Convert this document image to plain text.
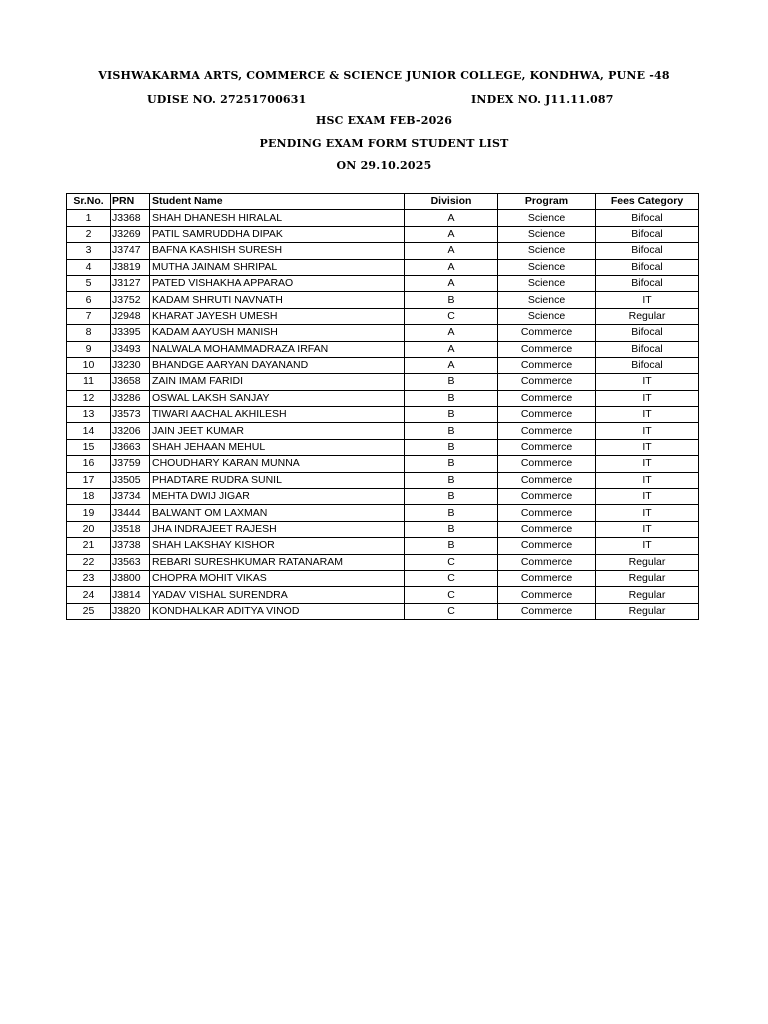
VISHWAKARMA ARTS, COMMERCE & SCIENCE JUNIOR COLLEGE, KONDHWA, PUNE -48
UDISE NO. 27251700631	INDEX NO. J11.11.087
HSC EXAM FEB-2026
PENDING EXAM FORM STUDENT LIST
ON 29.10.2025
Sr.No.	PRN	Student Name	Division	Program	Fees Category
1	J3368	SHAH DHANESH HIRALAL	A	Science	Bifocal
2	J3269	PATIL SAMRUDDHA DIPAK	A	Science	Bifocal
3	J3747	BAFNA KASHISH SURESH	A	Science	Bifocal
4	J3819	MUTHA JAINAM SHRIPAL	A	Science	Bifocal
5	J3127	PATED VISHAKHA APPARAO	A	Science	Bifocal
6	J3752	KADAM SHRUTI NAVNATH	B	Science	IT
7	J2948	KHARAT JAYESH UMESH	C	Science	Regular
8	J3395	KADAM AAYUSH MANISH	A	Commerce	Bifocal
9	J3493	NALWALA MOHAMMADRAZA IRFAN	A	Commerce	Bifocal
10	J3230	BHANDGE AARYAN DAYANAND	A	Commerce	Bifocal
11	J3658	ZAIN IMAM FARIDI	B	Commerce	IT
12	J3286	OSWAL LAKSH SANJAY	B	Commerce	IT
13	J3573	TIWARI AACHAL AKHILESH	B	Commerce	IT
14	J3206	JAIN JEET KUMAR	B	Commerce	IT
15	J3663	SHAH JEHAAN MEHUL	B	Commerce	IT
16	J3759	CHOUDHARY KARAN MUNNA	B	Commerce	IT
17	J3505	PHADTARE RUDRA SUNIL	B	Commerce	IT
18	J3734	MEHTA DWIJ JIGAR	B	Commerce	IT
19	J3444	BALWANT OM LAXMAN	B	Commerce	IT
20	J3518	JHA INDRAJEET RAJESH	B	Commerce	IT
21	J3738	SHAH LAKSHAY KISHOR	B	Commerce	IT
22	J3563	REBARI SURESHKUMAR RATANARAM	C	Commerce	Regular
23	J3800	CHOPRA MOHIT VIKAS	C	Commerce	Regular
24	J3814	YADAV VISHAL SURENDRA	C	Commerce	Regular
25	J3820	KONDHALKAR ADITYA VINOD	C	Commerce	Regular
